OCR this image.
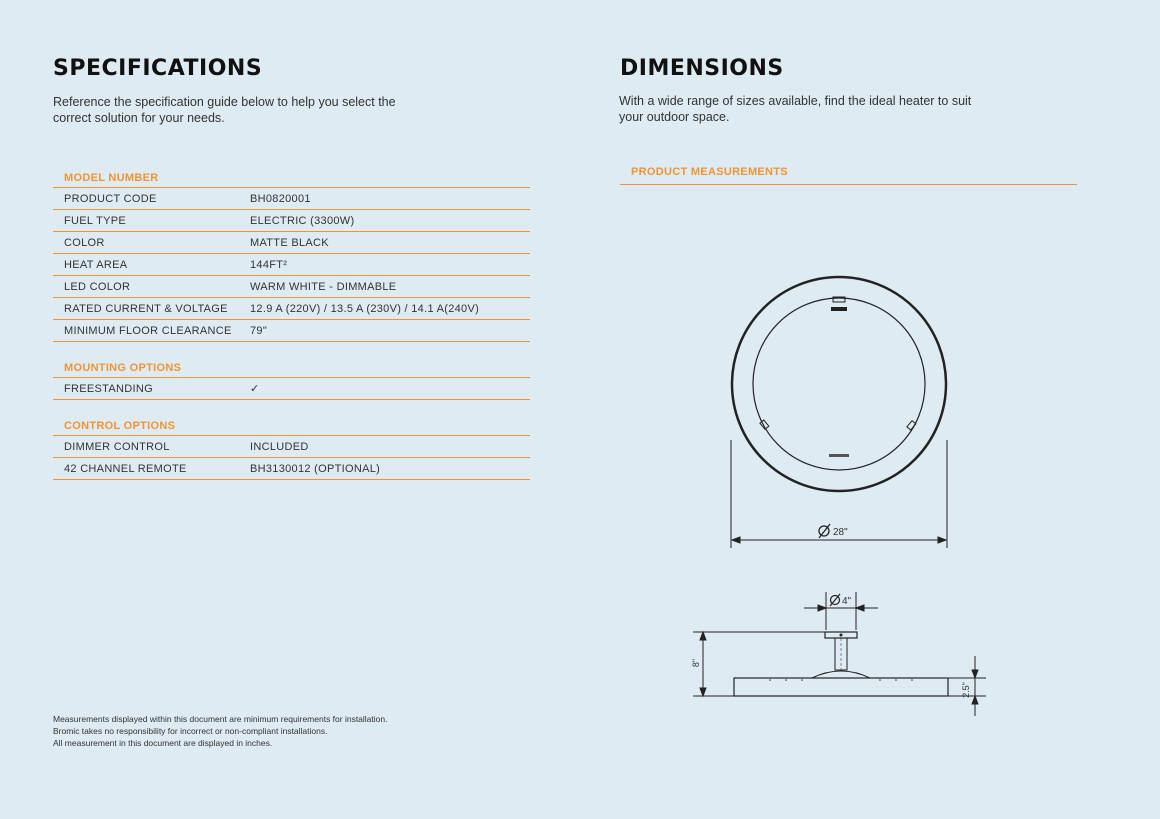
SPECIFICATIONS

Reference the specification guide below to help you select the
correct solution for your needs.

MODEL NUMBER
PRODUCT CODE	BH0820001
FUEL TYPE	ELECTRIC (3300W)
COLOR	MATTE BLACK
HEAT AREA	144FT²
LED COLOR	WARM WHITE - DIMMABLE
RATED CURRENT & VOLTAGE	12.9 A (220V) / 13.5 A (230V) / 14.1 A(240V)
MINIMUM FLOOR CLEARANCE	79"
MOUNTING OPTIONS
FREESTANDING	✓
CONTROL OPTIONS
DIMMER CONTROL	INCLUDED
42 CHANNEL REMOTE	BH3130012 (OPTIONAL)
Measurements displayed within this document are minimum requirements for installation.
Bromic takes no responsibility for incorrect or non-compliant installations.
All measurement in this document are displayed in inches.
DIMENSIONS

With a wide range of sizes available, find the ideal heater to suit
your outdoor space.

PRODUCT MEASUREMENTS
28"
4"
8"
2.5"
